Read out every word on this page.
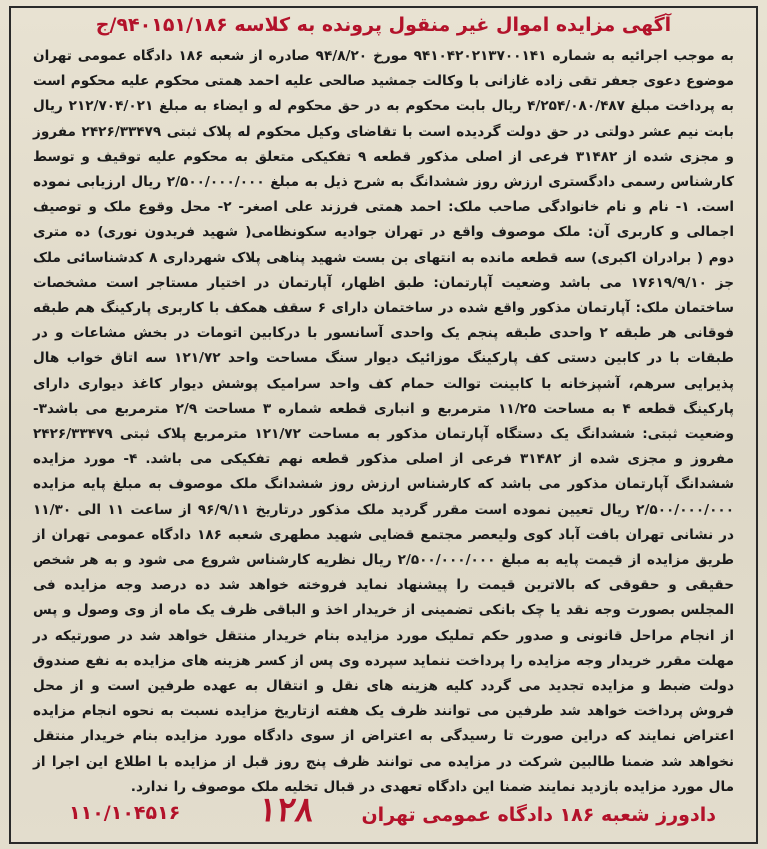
آگهی مزایده اموال غیر منقول پرونده به کلاسه ۹۴۰۱۵۱/۱۸۶/ج
به موجب اجرائیه به شماره ۹۴۱۰۴۲۰۲۱۳۷۰۰۱۴۱ مورخ ۹۴/۸/۲۰ صادره از شعبه ۱۸۶ دادگاه عمومی تهران موضوع دعوی جعفر تقی زاده غازانی با وکالت جمشید صالحی علیه احمد همتی محکوم علیه محکوم است به پرداخت مبلغ ۴/۲۵۴/۰۸۰/۴۸۷ ریال بابت محکوم به در حق محکوم له و ایضاء به مبلغ ۲۱۲/۷۰۴/۰۲۱ ریال بابت نیم عشر دولتی در حق دولت گردیده است با تقاضای وکیل محکوم له پلاک ثبتی ۲۴۲۶/۳۳۴۷۹ مفروز و مجزی شده از ۳۱۴۸۲ فرعی از اصلی مذکور قطعه ۹ تفکیکی متعلق به محکوم علیه توقیف و توسط کارشناس رسمی دادگستری ارزش روز ششدانگ به شرح ذیل به مبلغ ۲/۵۰۰/۰۰۰/۰۰۰ ریال ارزیابی نموده است. ۱- نام و نام خانوادگی صاحب ملک: احمد همتی فرزند علی اصغر- ۲- محل وقوع ملک و توصیف اجمالی و کاربری آن: ملک موصوف واقع در تهران جوادیه سکونظامی( شهید فریدون نوری) ده متری دوم ( برادران اکبری) سه قطعه مانده به انتهای بن بست شهید پناهی پلاک شهرداری ۸ کدشناسائی ملک جز ۱۷۶۱۹/۹/۱۰ می باشد وضعیت آپارتمان: طبق اظهار، آپارتمان در اختیار مستاجر است مشخصات ساختمان ملک: آپارتمان مذکور واقع شده در ساختمان دارای ۶ سقف همکف با کاربری پارکینگ هم طبقه فوقانی هر طبقه ۲ واحدی طبقه پنجم یک واحدی آسانسور با درکابین اتومات در بخش مشاعات و در طبقات با در کابین دستی کف پارکینگ موزائیک دیوار سنگ مساحت واحد ۱۲۱/۷۲ سه اتاق خواب هال پذیرایی سرهم، آشپزخانه با کابینت توالت حمام کف واحد سرامیک پوشش دیوار کاغذ دیواری دارای پارکینگ قطعه ۴ به مساحت ۱۱/۲۵ مترمربع و انباری قطعه شماره ۳ مساحت ۲/۹ مترمربع می باشد۳- وضعیت ثبتی: ششدانگ یک دستگاه آپارتمان مذکور به مساحت ۱۲۱/۷۲ مترمربع پلاک ثبتی ۲۴۲۶/۳۳۴۷۹ مفروز و مجزی شده از ۳۱۴۸۲ فرعی از اصلی مذکور قطعه نهم تفکیکی می باشد. ۴- مورد مزایده ششدانگ آپارتمان مذکور می باشد که کارشناس ارزش روز ششدانگ ملک موصوف به مبلغ پایه مزایده ۲/۵۰۰/۰۰۰/۰۰۰ ریال تعیین نموده است مقرر گردید ملک مذکور درتاریخ ۹۶/۹/۱۱ از ساعت ۱۱ الی ۱۱/۳۰ در نشانی تهران بافت آباد کوی ولیعصر مجتمع قضایی شهید مطهری شعبه ۱۸۶ دادگاه عمومی تهران از طریق مزایده از قیمت پایه به مبلغ ۲/۵۰۰/۰۰۰/۰۰۰ ریال نظریه کارشناس شروع می شود و به هر شخص حقیقی و حقوقی که بالاترین قیمت را پیشنهاد نماید فروخته خواهد شد ده درصد وجه مزایده فی المجلس بصورت وجه نقد یا چک بانکی تضمینی از خریدار اخذ و الباقی ظرف یک ماه از وی وصول و پس از انجام مراحل قانونی و صدور حکم تملیک مورد مزایده بنام خریدار منتقل خواهد شد در صورتیکه در مهلت مقرر خریدار وجه مزایده را پرداخت ننماید سپرده وی پس از کسر هزینه های مزایده به نفع صندوق دولت ضبط و مزایده تجدید می گردد کلیه هزینه های نقل و انتقال به عهده طرفین است و از محل فروش پرداخت خواهد شد طرفین می توانند ظرف یک هفته ازتاریخ مزایده نسبت به نحوه انجام مزایده اعتراض نمایند که دراین صورت تا رسیدگی به اعتراض از سوی دادگاه مورد مزایده بنام خریدار منتقل نخواهد شد ضمنا طالبین شرکت در مزایده می توانند ظرف پنج روز قبل از مزایده با اطلاع این اجرا از مال مورد مزایده بازدید نمایند ضمنا این دادگاه تعهدی در قبال تخلیه ملک موصوف را ندارد.
دادورز شعبه ۱۸۶ دادگاه عمومی تهران
۱۲۸
۱۱۰/۱۰۴۵۱۶
